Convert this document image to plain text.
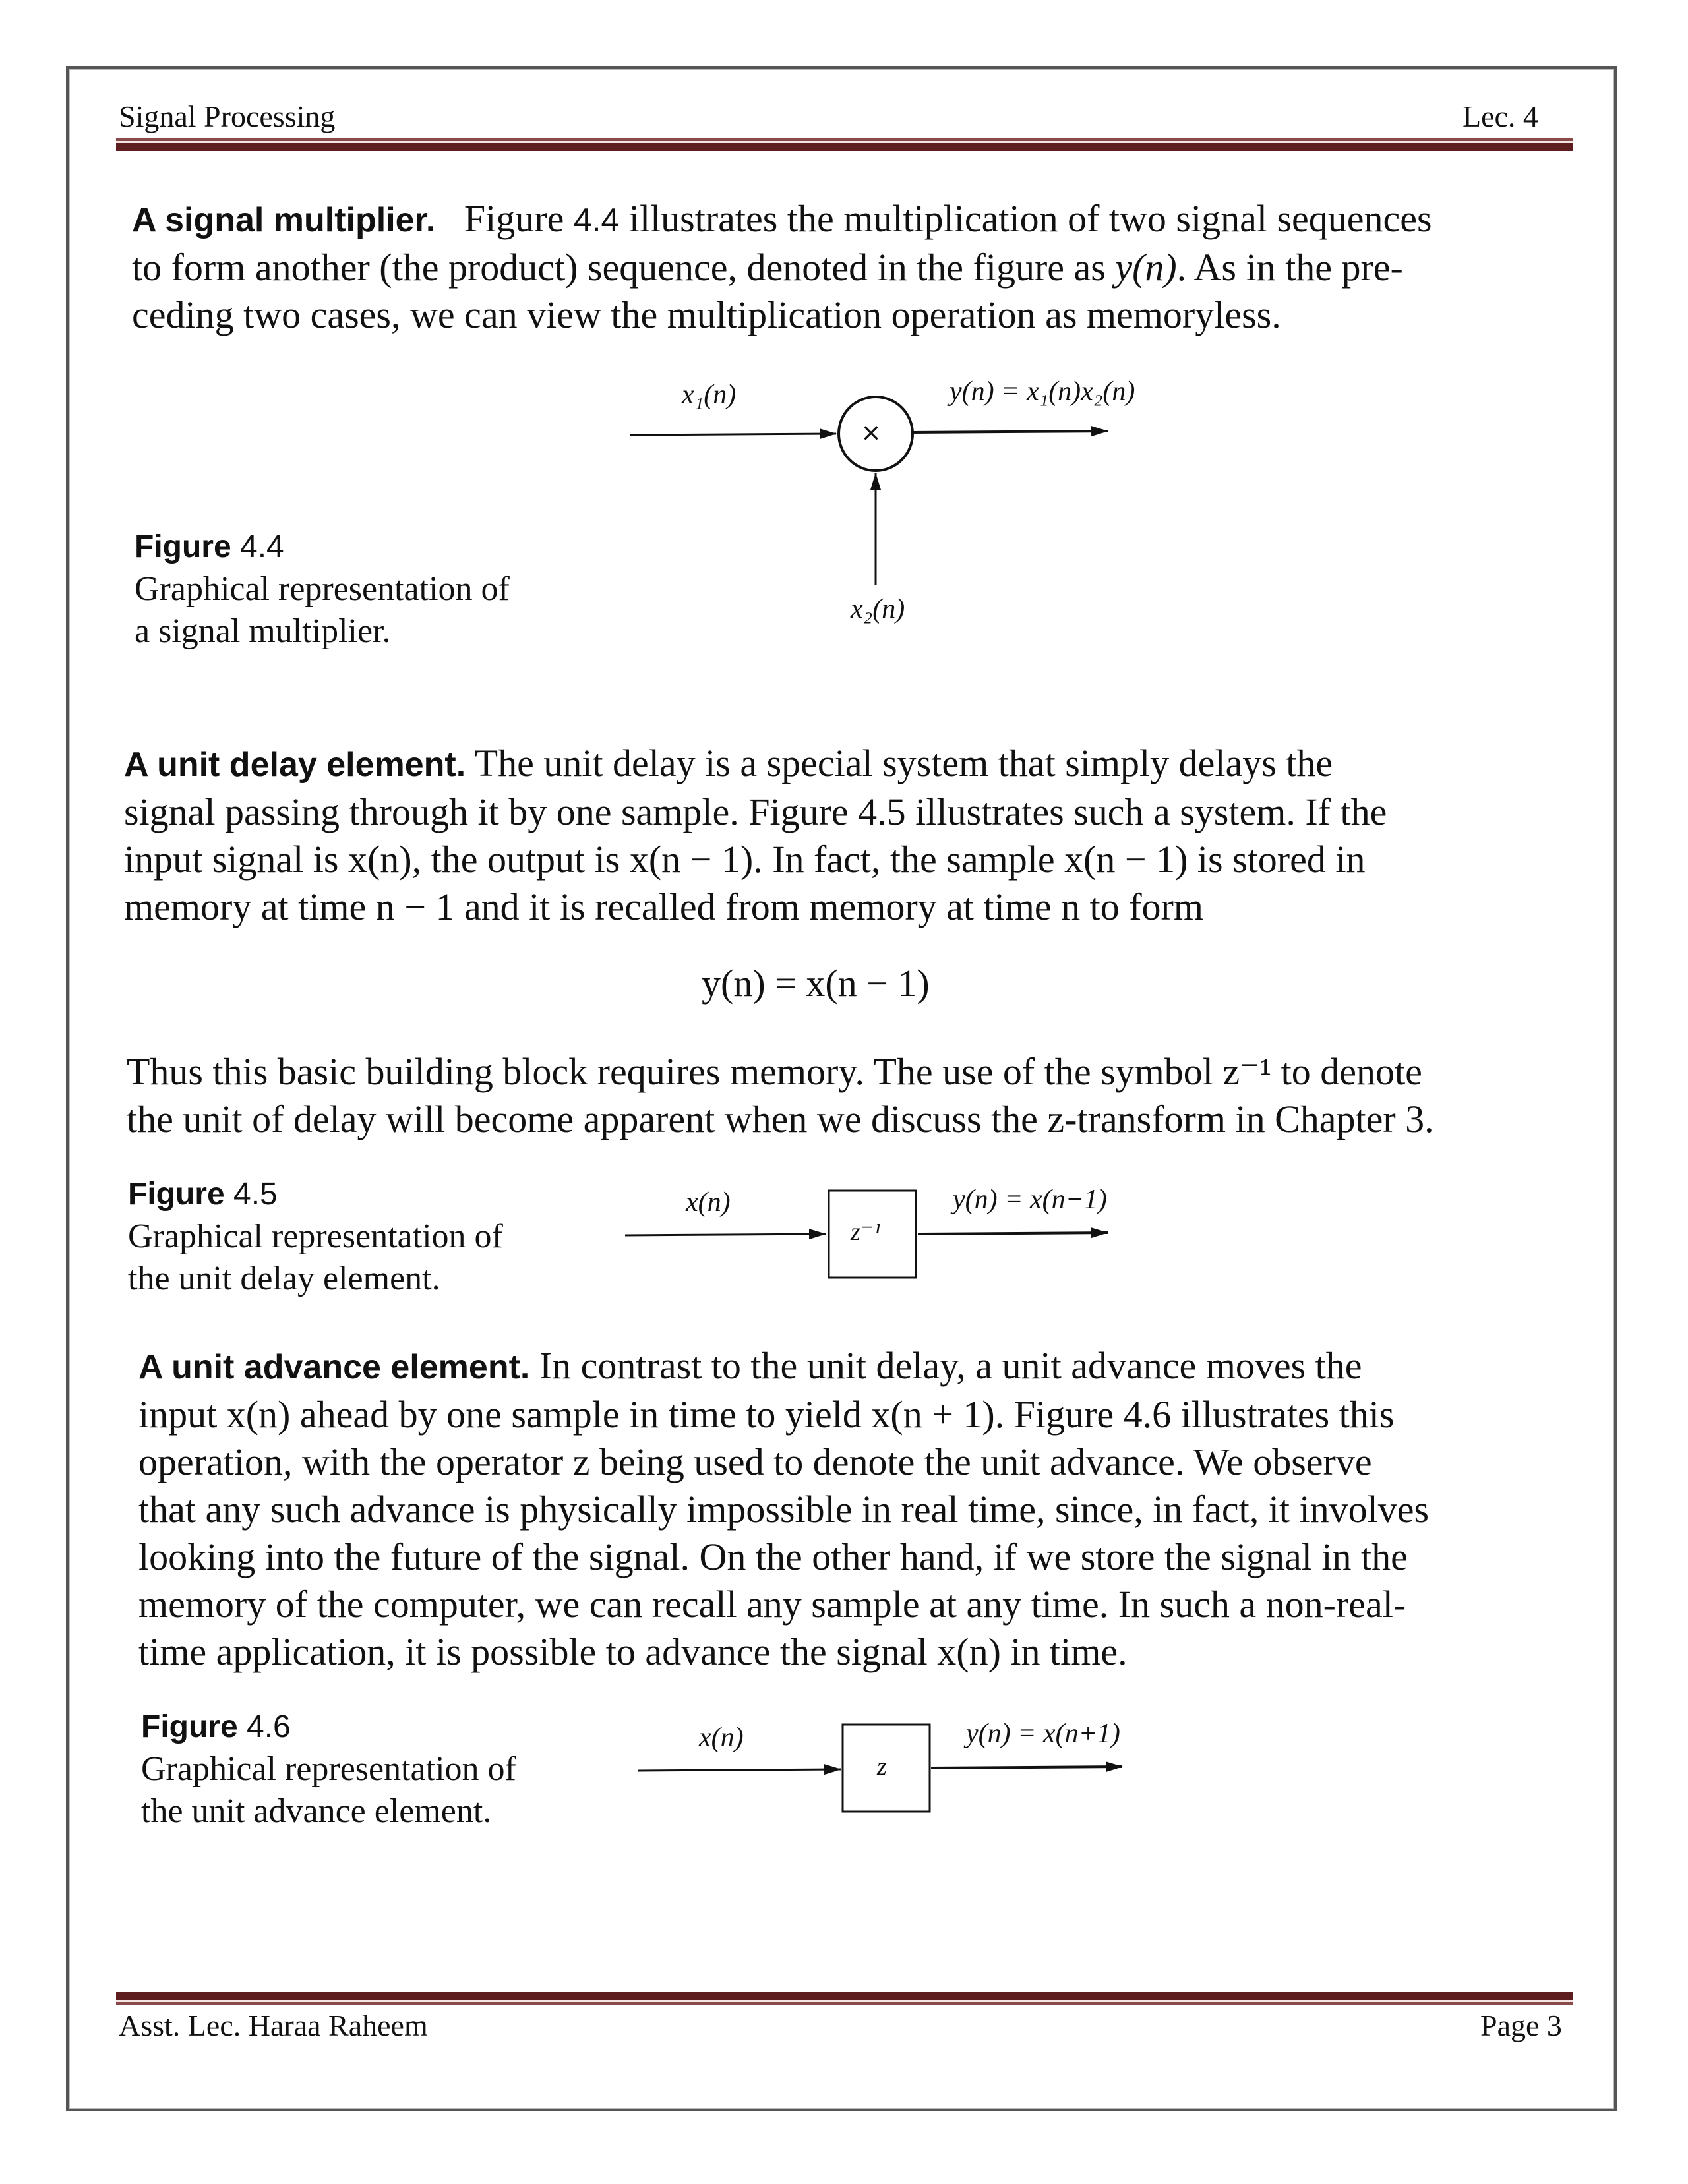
Signal Processing	Lec. 4
A signal multiplier. Figure 4.4 illustrates the multiplication of two signal sequences
to form another (the product) sequence, denoted in the figure as y(n). As in the pre-
ceding two cases, we can view the multiplication operation as memoryless.
×
x₁(n)	y(n) = x₁(n)x₂(n)
x₂(n)
Figure 4.4
Graphical representation of
a signal multiplier.
A unit delay element. The unit delay is a special system that simply delays the
signal passing through it by one sample. Figure 4.5 illustrates such a system. If the
input signal is x(n), the output is x(n − 1). In fact, the sample x(n − 1) is stored in
memory at time n − 1 and it is recalled from memory at time n to form
y(n) = x(n − 1)
Thus this basic building block requires memory. The use of the symbol z⁻¹ to denote
the unit of delay will become apparent when we discuss the z-transform in Chapter 3.
x(n)	y(n) = x(n−1)
z⁻¹
Figure 4.5
Graphical representation of
the unit delay element.
A unit advance element. In contrast to the unit delay, a unit advance moves the
input x(n) ahead by one sample in time to yield x(n + 1). Figure 4.6 illustrates this
operation, with the operator z being used to denote the unit advance. We observe
that any such advance is physically impossible in real time, since, in fact, it involves
looking into the future of the signal. On the other hand, if we store the signal in the
memory of the computer, we can recall any sample at any time. In such a non-real-
time application, it is possible to advance the signal x(n) in time.
x(n)	y(n) = x(n+1)
z
Figure 4.6
Graphical representation of
the unit advance element.
Asst. Lec. Haraa Raheem	Page 3
